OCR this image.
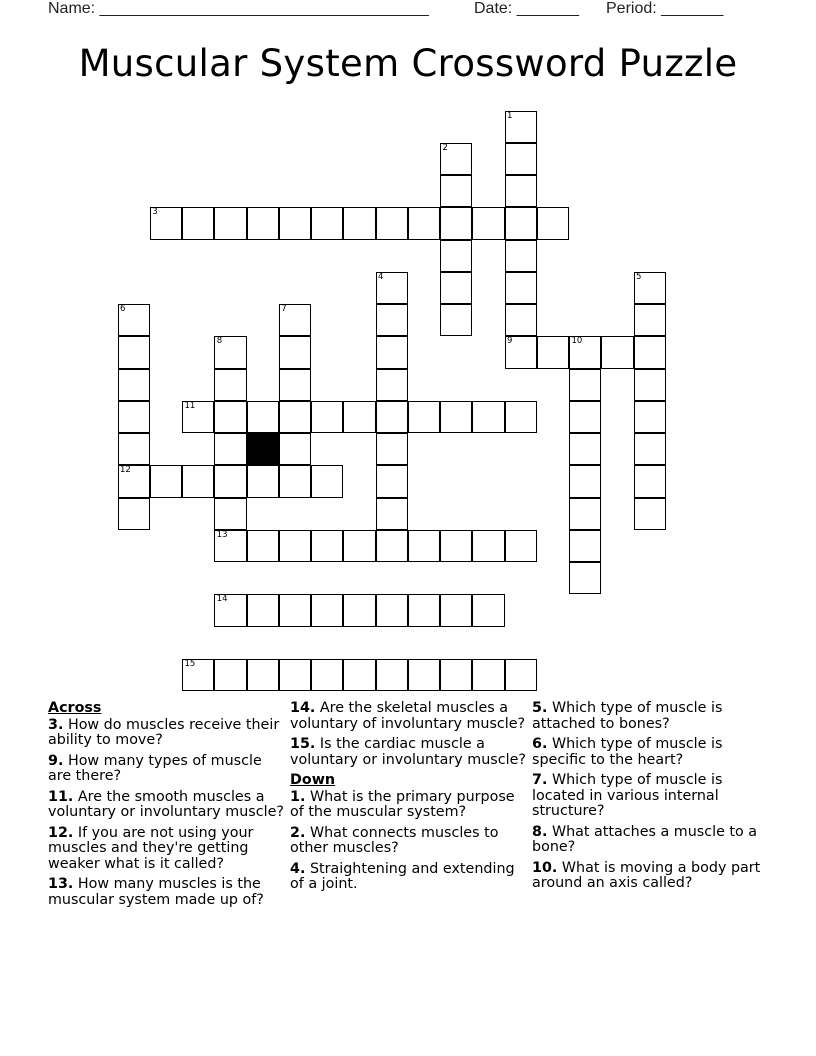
Name: _____________________________________	Date: _______ Period: _______
Muscular System Crossword Puzzle
1
9
2
3
4	5
6
12
7
8
13
10
11
14
15
Across
3. How do muscles receive their ability to move?
9. How many types of muscle are there?
11. Are the smooth muscles a voluntary or involuntary muscle?
12. If you are not using your muscles and they're getting weaker what is it called?
13. How many muscles is the muscular system made up of?
14. Are the skeletal muscles a voluntary of involuntary muscle?
15. Is the cardiac muscle a voluntary or involuntary muscle?
Down
1. What is the primary purpose of the muscular system?
2. What connects muscles to other muscles?
4. Straightening and extending of a joint.
5. Which type of muscle is attached to bones?
6. Which type of muscle is specific to the heart?
7. Which type of muscle is located in various internal structure?
8. What attaches a muscle to a bone?
10. What is moving a body part around an axis called?
